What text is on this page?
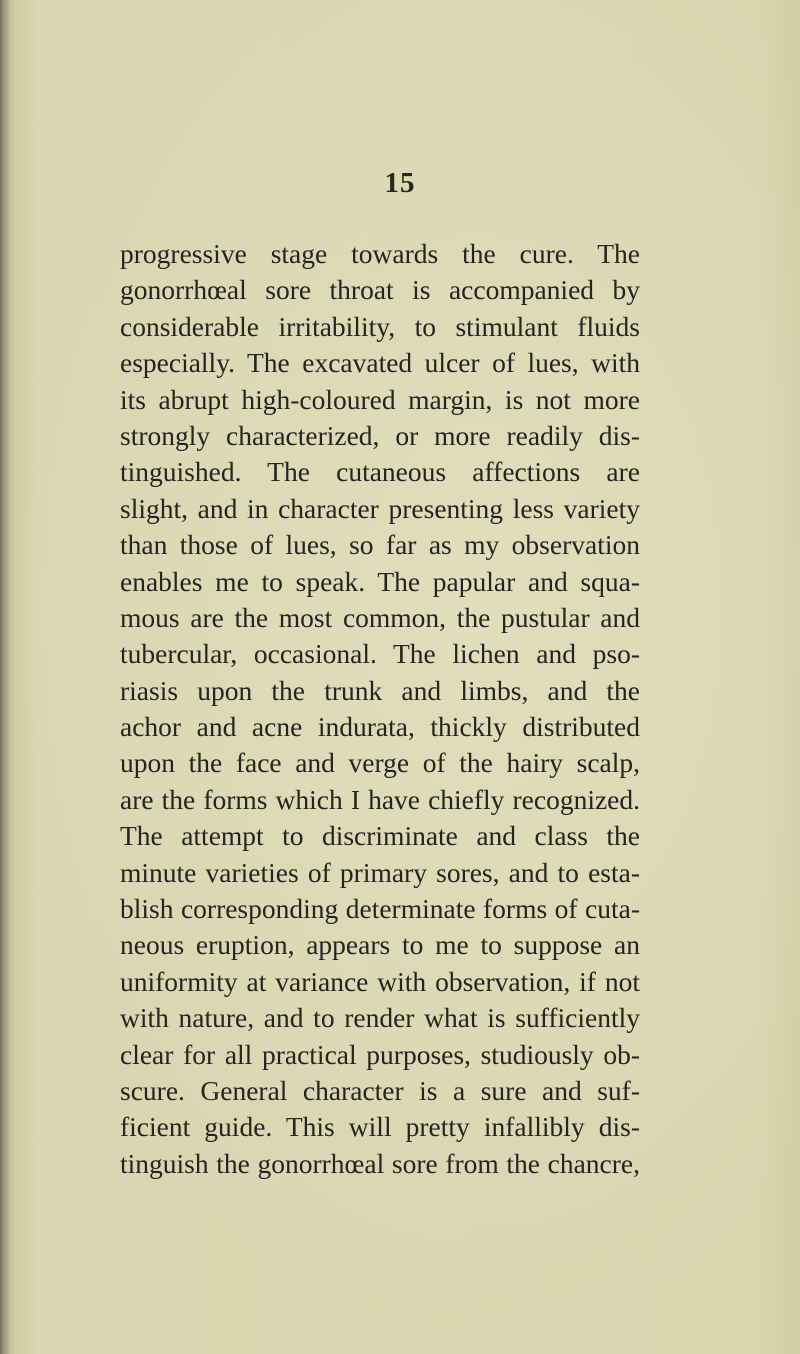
15
progressive stage towards the cure. The
gonorrhœal sore throat is accompanied by
considerable irritability, to stimulant fluids
especially. The excavated ulcer of lues, with
its abrupt high-coloured margin, is not more
strongly characterized, or more readily dis-
tinguished. The cutaneous affections are
slight, and in character presenting less variety
than those of lues, so far as my observation
enables me to speak. The papular and squa-
mous are the most common, the pustular and
tubercular, occasional. The lichen and pso-
riasis upon the trunk and limbs, and the
achor and acne indurata, thickly distributed
upon the face and verge of the hairy scalp,
are the forms which I have chiefly recognized.
The attempt to discriminate and class the
minute varieties of primary sores, and to esta-
blish corresponding determinate forms of cuta-
neous eruption, appears to me to suppose an
uniformity at variance with observation, if not
with nature, and to render what is sufficiently
clear for all practical purposes, studiously ob-
scure. General character is a sure and suf-
ficient guide. This will pretty infallibly dis-
tinguish the gonorrhœal sore from the chancre,
